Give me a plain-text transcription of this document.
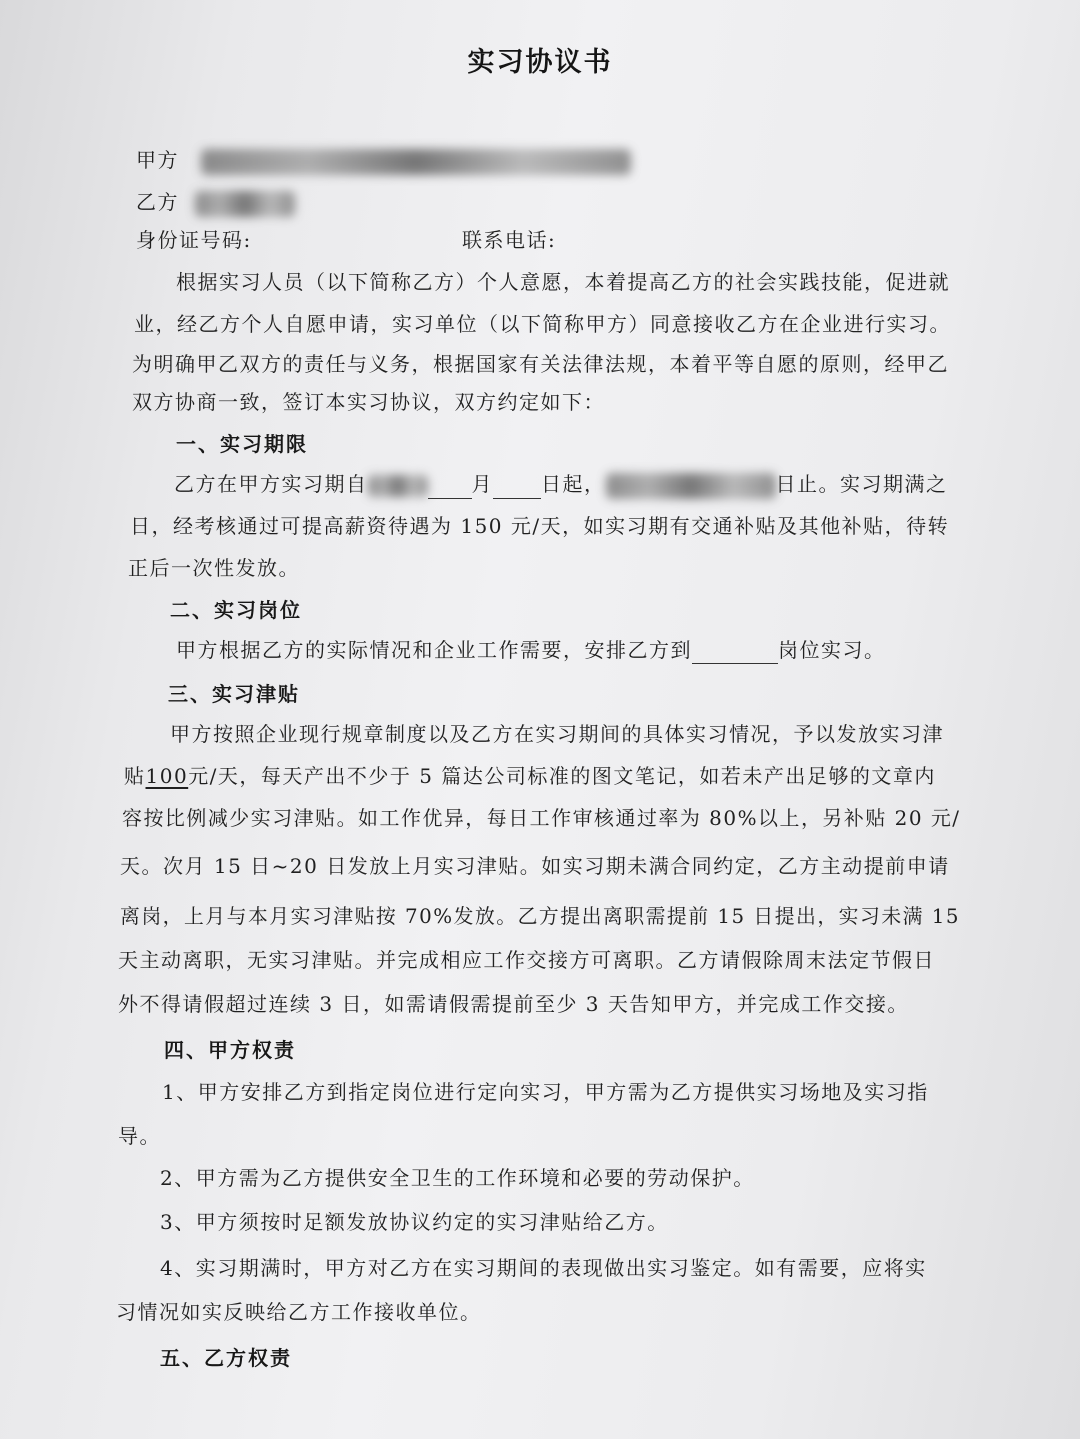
实习协议书
甲方
乙方
身份证号码:	联系电话:
根据实习人员（以下简称乙方）个人意愿，本着提高乙方的社会实践技能，促进就
业，经乙方个人自愿申请，实习单位（以下简称甲方）同意接收乙方在企业进行实习。
为明确甲乙双方的责任与义务，根据国家有关法律法规，本着平等自愿的原则，经甲乙
双方协商一致，签订本实习协议，双方约定如下：
一、实习期限
乙方在甲方实习期自	月 日起，	日止。实习期满之
日，经考核通过可提高薪资待遇为 150 元/天，如实习期有交通补贴及其他补贴，待转
正后一次性发放。
二、实习岗位
甲方根据乙方的实际情况和企业工作需要，安排乙方到	岗位实习。
三、实习津贴
甲方按照企业现行规章制度以及乙方在实习期间的具体实习情况，予以发放实习津
贴100元/天，每天产出不少于 5 篇达公司标准的图文笔记，如若未产出足够的文章内
容按比例减少实习津贴。如工作优异，每日工作审核通过率为 80%以上，另补贴 20 元/
天。次月 15 日~20 日发放上月实习津贴。如实习期未满合同约定，乙方主动提前申请
离岗，上月与本月实习津贴按 70%发放。乙方提出离职需提前 15 日提出，实习未满 15
天主动离职，无实习津贴。并完成相应工作交接方可离职。乙方请假除周末法定节假日
外不得请假超过连续 3 日，如需请假需提前至少 3 天告知甲方，并完成工作交接。
四、甲方权责
1、甲方安排乙方到指定岗位进行定向实习，甲方需为乙方提供实习场地及实习指
导。
2、甲方需为乙方提供安全卫生的工作环境和必要的劳动保护。
3、甲方须按时足额发放协议约定的实习津贴给乙方。
4、实习期满时，甲方对乙方在实习期间的表现做出实习鉴定。如有需要，应将实
习情况如实反映给乙方工作接收单位。
五、乙方权责
